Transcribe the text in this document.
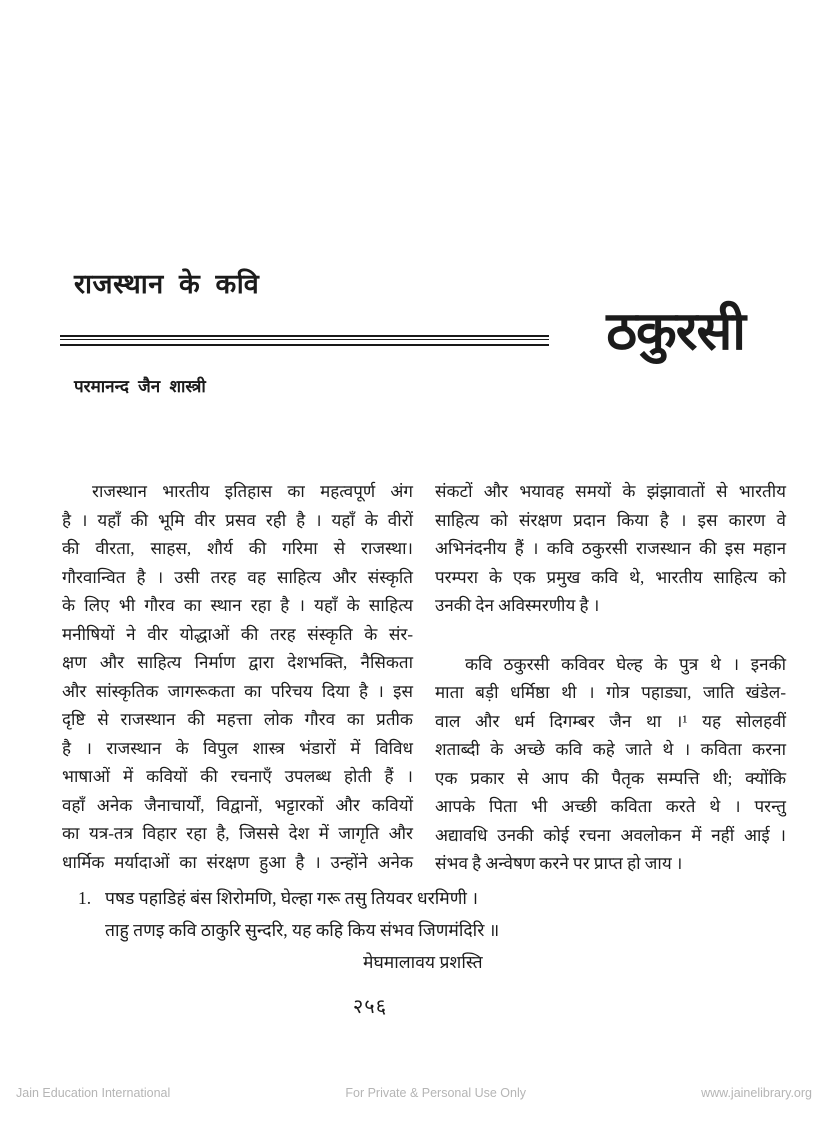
राजस्थान के कवि
ठकुरसी
परमानन्द जैन शास्त्री
राजस्थान भारतीय इतिहास का महत्वपूर्ण अंग
है । यहाँ की भूमि वीर प्रसव रही है । यहाँ के वीरों
की वीरता, साहस, शौर्य की गरिमा से राजस्था।
गौरवान्वित है । उसी तरह वह साहित्य और संस्कृति
के लिए भी गौरव का स्थान रहा है । यहाँ के साहित्य
मनीषियों ने वीर योद्धाओं की तरह संस्कृति के संर-
क्षण और साहित्य निर्माण द्वारा देशभक्ति, नैसिकता
और सांस्कृतिक जागरूकता का परिचय दिया है । इस
दृष्टि से राजस्थान की महत्ता लोक गौरव का प्रतीक
है । राजस्थान के विपुल शास्त्र भंडारों में विविध
भाषाओं में कवियों की रचनाएँ उपलब्ध होती हैं ।
वहाँ अनेक जैनाचार्यों, विद्वानों, भट्टारकों और कवियों
का यत्र-तत्र विहार रहा है, जिससे देश में जागृति और
धार्मिक मर्यादाओं का संरक्षण हुआ है । उन्होंने अनेक
संकटों और भयावह समयों के झंझावातों से भारतीय
साहित्य को संरक्षण प्रदान किया है । इस कारण वे
अभिनंदनीय हैं । कवि ठकुरसी राजस्थान की इस महान
परम्परा के एक प्रमुख कवि थे, भारतीय साहित्य को
उनकी देन अविस्मरणीय है ।
कवि ठकुरसी कविवर घेल्ह के पुत्र थे । इनकी
माता बड़ी धर्मिष्ठा थी । गोत्र पहाड्या, जाति खंडेल-
वाल और धर्म दिगम्बर जैन था ।¹ यह सोलहवीं
शताब्दी के अच्छे कवि कहे जाते थे । कविता करना
एक प्रकार से आप की पैतृक सम्पत्ति थी; क्योंकि
आपके पिता भी अच्छी कविता करते थे । परन्तु
अद्यावधि उनकी कोई रचना अवलोकन में नहीं आई ।
संभव है अन्वेषण करने पर प्राप्त हो जाय ।
1. पषड पहाडिहं बंस शिरोमणि, घेल्हा गरू तसु तियवर धरमिणी ।
ताहु तणइ कवि ठाकुरि सुन्दरि, यह कहि किय संभव जिणमंदिरि ॥
मेघमालावय प्रशस्ति
२५६
Jain Education International	For Private & Personal Use Only	www.jainelibrary.org
